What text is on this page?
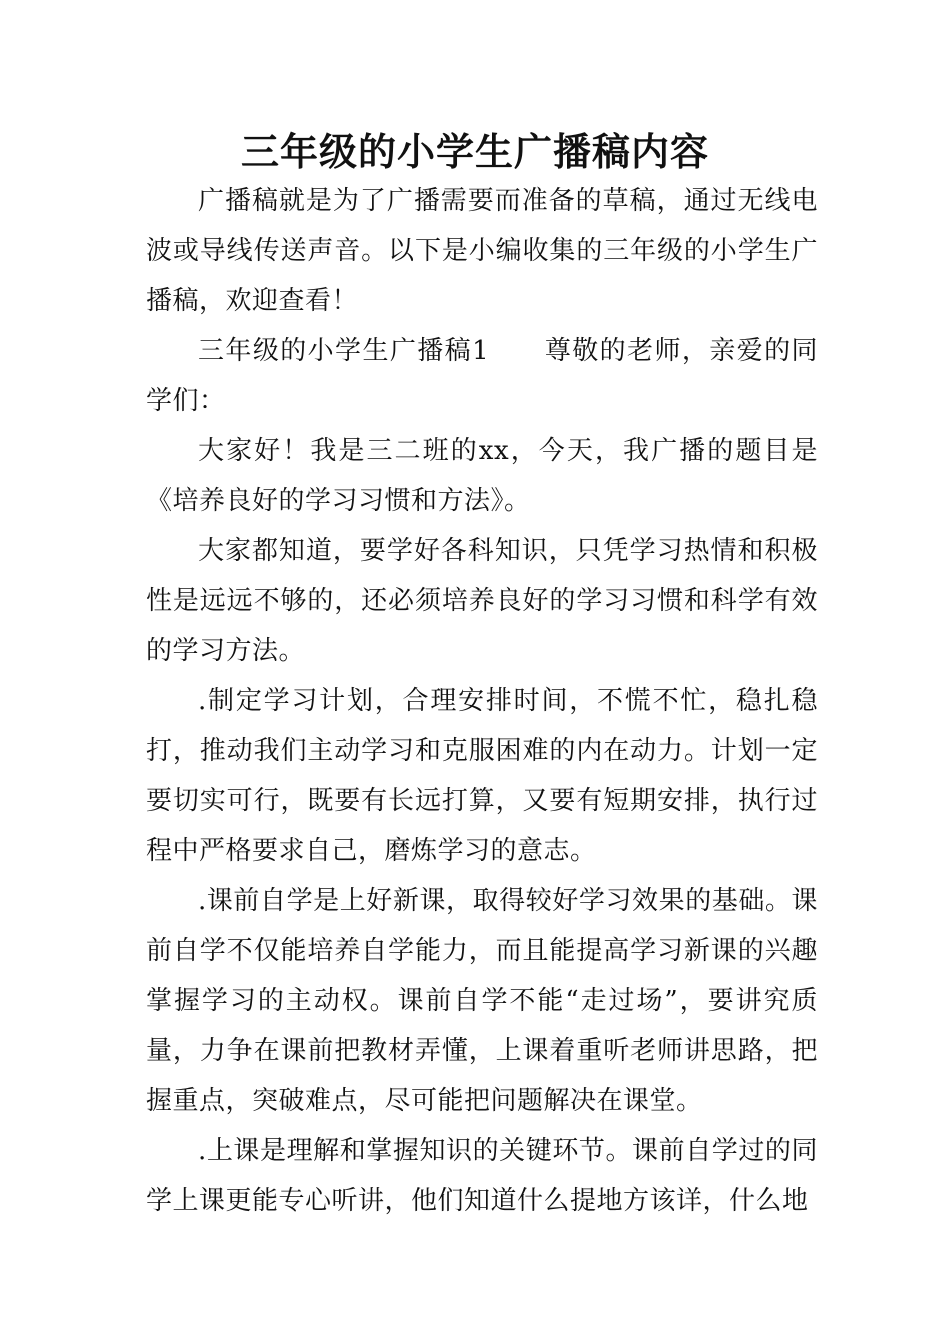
三年级的小学生广播稿内容

广播稿就是为了广播需要而准备的草稿，通过无线电波或导线传送声音。以下是小编收集的三年级的小学生广播稿，欢迎查看！

三年级的小学生广播稿1　　尊敬的老师，亲爱的同学们：

大家好！我是三二班的xx，今天，我广播的题目是《培养良好的学习习惯和方法》。

大家都知道，要学好各科知识，只凭学习热情和积极性是远远不够的，还必须培养良好的学习习惯和科学有效的学习方法。

.制定学习计划，合理安排时间，不慌不忙，稳扎稳打，推动我们主动学习和克服困难的内在动力。计划一定要切实可行，既要有长远打算，又要有短期安排，执行过程中严格要求自己，磨炼学习的意志。

.课前自学是上好新课，取得较好学习效果的基础。课前自学不仅能培养自学能力，而且能提高学习新课的兴趣掌握学习的主动权。课前自学不能“走过场”，要讲究质量，力争在课前把教材弄懂，上课着重听老师讲思路，把握重点，突破难点，尽可能把问题解决在课堂。

.上课是理解和掌握知识的关键环节。课前自学过的同学上课更能专心听讲，他们知道什么提地方该详，什么地
